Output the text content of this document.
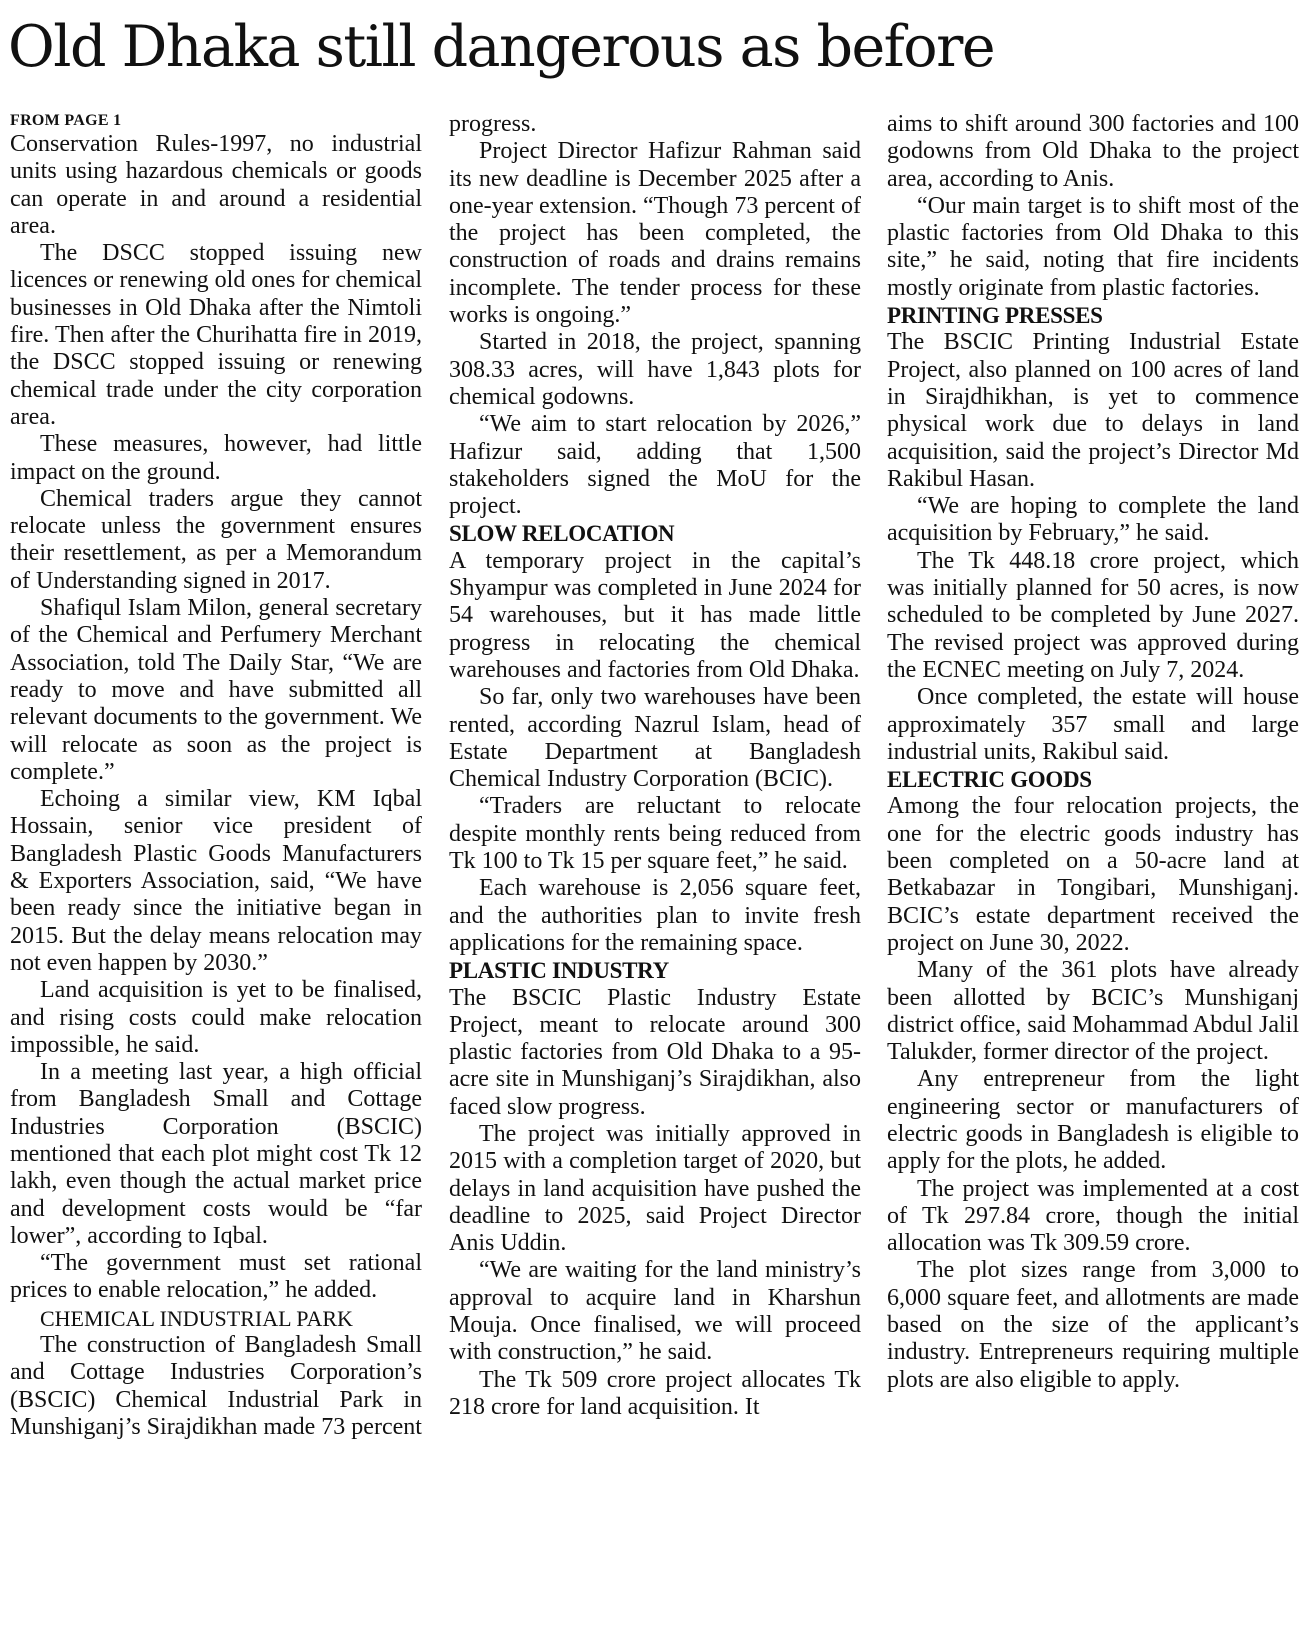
Old Dhaka still dangerous as before
FROM PAGE 1

Conservation Rules-1997, no industrial units using hazardous chemicals or goods can operate in and around a residential area.

The DSCC stopped issuing new licences or renewing old ones for chemical businesses in Old Dhaka after the Nimtoli fire. Then after the Churihatta fire in 2019, the DSCC stopped issuing or renewing chemical trade under the city corporation area.

These measures, however, had little impact on the ground.

Chemical traders argue they cannot relocate unless the government ensures their resettlement, as per a Memorandum of Understanding signed in 2017.

Shafiqul Islam Milon, general secretary of the Chemical and Perfumery Merchant Association, told The Daily Star, “We are ready to move and have submitted all relevant documents to the government. We will relocate as soon as the project is complete.”

Echoing a similar view, KM Iqbal Hossain, senior vice president of Bangladesh Plastic Goods Manufacturers & Exporters Association, said, “We have been ready since the initiative began in 2015. But the delay means relocation may not even happen by 2030.”

Land acquisition is yet to be finalised, and rising costs could make relocation impossible, he said.

In a meeting last year, a high official from Bangladesh Small and Cottage Industries Corporation (BSCIC) mentioned that each plot might cost Tk 12 lakh, even though the actual market price and development costs would be “far lower”, according to Iqbal.

“The government must set rational prices to enable relocation,” he added.

CHEMICAL INDUSTRIAL PARK

The construction of Bangladesh Small and Cottage Industries Corporation’s (BSCIC) Chemical Industrial Park in Munshiganj’s Sirajdikhan made 73 percent

progress.

Project Director Hafizur Rahman said its new deadline is December 2025 after a one-year extension. “Though 73 percent of the project has been completed, the construction of roads and drains remains incomplete. The tender process for these works is ongoing.”

Started in 2018, the project, spanning 308.33 acres, will have 1,843 plots for chemical godowns.

“We aim to start relocation by 2026,” Hafizur said, adding that 1,500 stakeholders signed the MoU for the project.

SLOW RELOCATION

A temporary project in the capital’s Shyampur was completed in June 2024 for 54 warehouses, but it has made little progress in relocating the chemical warehouses and factories from Old Dhaka.

So far, only two warehouses have been rented, according Nazrul Islam, head of Estate Department at Bangladesh Chemical Industry Corporation (BCIC).

“Traders are reluctant to relocate despite monthly rents being reduced from Tk 100 to Tk 15 per square feet,” he said.

Each warehouse is 2,056 square feet, and the authorities plan to invite fresh applications for the remaining space.

PLASTIC INDUSTRY

The BSCIC Plastic Industry Estate Project, meant to relocate around 300 plastic factories from Old Dhaka to a 95-acre site in Munshiganj’s Sirajdikhan, also faced slow progress.

The project was initially approved in 2015 with a completion target of 2020, but delays in land acquisition have pushed the deadline to 2025, said Project Director Anis Uddin.

“We are waiting for the land ministry’s approval to acquire land in Kharshun Mouja. Once finalised, we will proceed with construction,” he said.

The Tk 509 crore project allocates Tk 218 crore for land acquisition. It

aims to shift around 300 factories and 100 godowns from Old Dhaka to the project area, according to Anis.

“Our main target is to shift most of the plastic factories from Old Dhaka to this site,” he said, noting that fire incidents mostly originate from plastic factories.

PRINTING PRESSES

The BSCIC Printing Industrial Estate Project, also planned on 100 acres of land in Sirajdhikhan, is yet to commence physical work due to delays in land acquisition, said the project’s Director Md Rakibul Hasan.

“We are hoping to complete the land acquisition by February,” he said.

The Tk 448.18 crore project, which was initially planned for 50 acres, is now scheduled to be completed by June 2027. The revised project was approved during the ECNEC meeting on July 7, 2024.

Once completed, the estate will house approximately 357 small and large industrial units, Rakibul said.

ELECTRIC GOODS

Among the four relocation projects, the one for the electric goods industry has been completed on a 50-acre land at Betkabazar in Tongibari, Munshiganj. BCIC’s estate department received the project on June 30, 2022.

Many of the 361 plots have already been allotted by BCIC’s Munshiganj district office, said Mohammad Abdul Jalil Talukder, former director of the project.

Any entrepreneur from the light engineering sector or manufacturers of electric goods in Bangladesh is eligible to apply for the plots, he added.

The project was implemented at a cost of Tk 297.84 crore, though the initial allocation was Tk 309.59 crore.

The plot sizes range from 3,000 to 6,000 square feet, and allotments are made based on the size of the applicant’s industry. Entrepreneurs requiring multiple plots are also eligible to apply.
